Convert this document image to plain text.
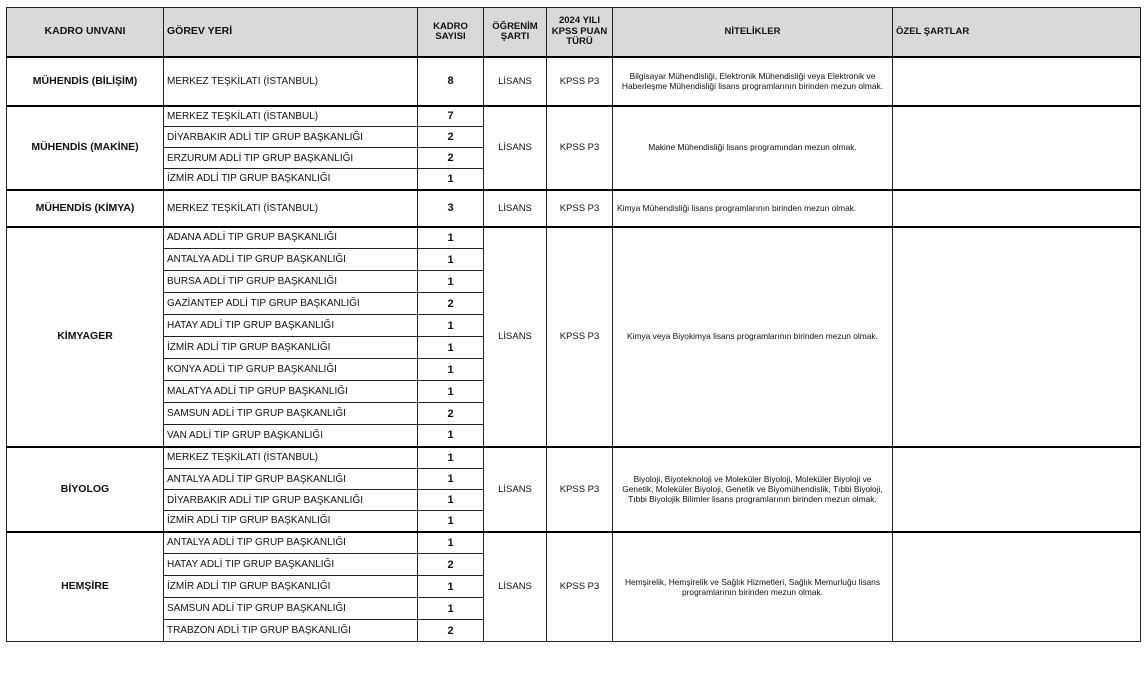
KADRO UNVANI	GÖREV YERİ	KADRO SAYISI	ÖĞRENİM ŞARTI	2024 YILI KPSS PUAN TÜRÜ	NİTELİKLER	ÖZEL ŞARTLAR
MÜHENDİS (BİLİŞİM)	MERKEZ TEŞKİLATI (İSTANBUL)	8	LİSANS	KPSS P3	Bilgisayar Mühendisliği, Elektronik Mühendisliği veya Elektronik ve Haberleşme Mühendisliği lisans programlarının birinden mezun olmak.	
MÜHENDİS (MAKİNE)	MERKEZ TEŞKİLATI (İSTANBUL)	7	LİSANS	KPSS P3	Makine Mühendisliği lisans programından mezun olmak.	
	DİYARBAKIR ADLİ TIP GRUP BAŞKANLIĞI	2				
	ERZURUM ADLİ TIP GRUP BAŞKANLIĞI	2				
	İZMİR ADLİ TIP GRUP BAŞKANLIĞI	1				
MÜHENDİS (KİMYA)	MERKEZ TEŞKİLATI (İSTANBUL)	3	LİSANS	KPSS P3	Kimya Mühendisliği lisans programlarının birinden mezun olmak.	
KİMYAGER	ADANA ADLİ TIP GRUP BAŞKANLIĞI	1	LİSANS	KPSS P3	Kimya veya Biyokimya lisans programlarının birinden mezun olmak.	
	ANTALYA ADLİ TIP GRUP BAŞKANLIĞI	1				
	BURSA ADLİ TIP GRUP BAŞKANLIĞI	1				
	GAZİANTEP ADLİ TIP GRUP BAŞKANLIĞI	2				
	HATAY ADLİ TIP GRUP BAŞKANLIĞI	1				
	İZMİR ADLİ TIP GRUP BAŞKANLIĞI	1				
	KONYA ADLİ TIP GRUP BAŞKANLIĞI	1				
	MALATYA ADLİ TIP GRUP BAŞKANLIĞI	1				
	SAMSUN ADLİ TIP GRUP BAŞKANLIĞI	2				
	VAN ADLİ TIP GRUP BAŞKANLIĞI	1				
BİYOLOG	MERKEZ TEŞKİLATI (İSTANBUL)	1	LİSANS	KPSS P3	Biyoloji, Biyoteknoloji ve Moleküler Biyoloji, Moleküler Biyoloji ve Genetik, Moleküler Biyoloji, Genetik ve Biyomühendislik, Tıbbi Biyoloji, Tıbbi Biyolojik Bilimler lisans programlarının birinden mezun olmak.	
	ANTALYA ADLİ TIP GRUP BAŞKANLIĞI	1				
	DİYARBAKIR ADLİ TIP GRUP BAŞKANLIĞI	1				
	İZMİR ADLİ TIP GRUP BAŞKANLIĞI	1				
HEMŞİRE	ANTALYA ADLİ TIP GRUP BAŞKANLIĞI	1	LİSANS	KPSS P3	Hemşirelik, Hemşirelik ve Sağlık Hizmetleri, Sağlık Memurluğu lisans programlarının birinden mezun olmak.	
	HATAY ADLİ TIP GRUP BAŞKANLIĞI	2				
	İZMİR ADLİ TIP GRUP BAŞKANLIĞI	1				
	SAMSUN ADLİ TIP GRUP BAŞKANLIĞI	1				
	TRABZON ADLİ TIP GRUP BAŞKANLIĞI	2				
